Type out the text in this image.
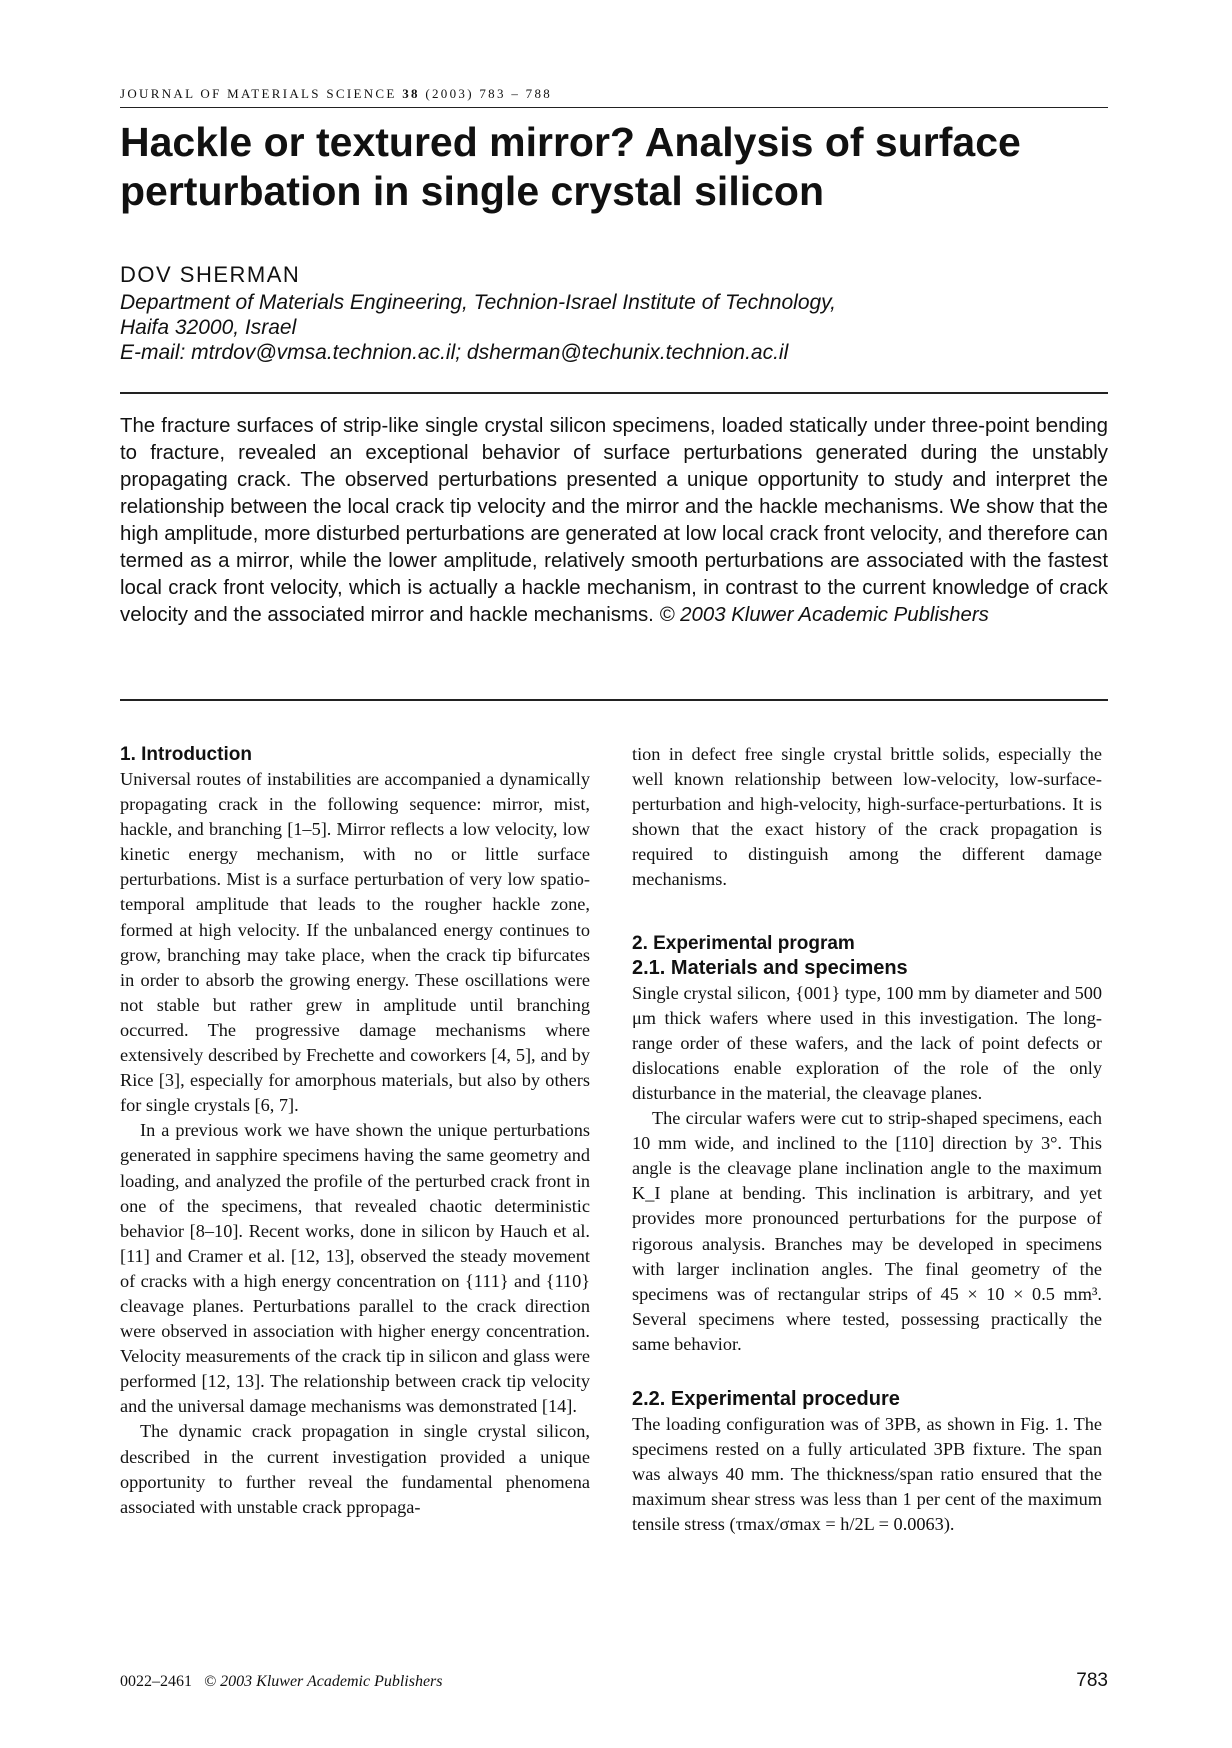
JOURNAL OF MATERIALS SCIENCE 38 (2003) 783 – 788
Hackle or textured mirror? Analysis of surface
perturbation in single crystal silicon
DOV SHERMAN
Department of Materials Engineering, Technion-Israel Institute of Technology,
Haifa 32000, Israel
E-mail: mtrdov@vmsa.technion.ac.il; dsherman@techunix.technion.ac.il

The fracture surfaces of strip-like single crystal silicon specimens, loaded statically under three-point bending to fracture, revealed an exceptional behavior of surface perturbations generated during the unstably propagating crack. The observed perturbations presented a unique opportunity to study and interpret the relationship between the local crack tip velocity and the mirror and the hackle mechanisms. We show that the high amplitude, more disturbed perturbations are generated at low local crack front velocity, and therefore can termed as a mirror, while the lower amplitude, relatively smooth perturbations are associated with the fastest local crack front velocity, which is actually a hackle mechanism, in contrast to the current knowledge of crack velocity and the associated mirror and hackle mechanisms. © 2003 Kluwer Academic Publishers

1. Introduction

Universal routes of instabilities are accompanied a dynamically propagating crack in the following sequence: mirror, mist, hackle, and branching [1–5]. Mirror reflects a low velocity, low kinetic energy mechanism, with no or little surface perturbations. Mist is a surface perturbation of very low spatio-temporal amplitude that leads to the rougher hackle zone, formed at high velocity. If the unbalanced energy continues to grow, branching may take place, when the crack tip bifurcates in order to absorb the growing energy. These oscillations were not stable but rather grew in amplitude until branching occurred. The progressive damage mechanisms where extensively described by Frechette and coworkers [4, 5], and by Rice [3], especially for amorphous materials, but also by others for single crystals [6, 7].

In a previous work we have shown the unique perturbations generated in sapphire specimens having the same geometry and loading, and analyzed the profile of the perturbed crack front in one of the specimens, that revealed chaotic deterministic behavior [8–10]. Recent works, done in silicon by Hauch et al. [11] and Cramer et al. [12, 13], observed the steady movement of cracks with a high energy concentration on {111} and {110} cleavage planes. Perturbations parallel to the crack direction were observed in association with higher energy concentration. Velocity measurements of the crack tip in silicon and glass were performed [12, 13]. The relationship between crack tip velocity and the universal damage mechanisms was demonstrated [14].

The dynamic crack propagation in single crystal silicon, described in the current investigation provided a unique opportunity to further reveal the fundamental phenomena associated with unstable crack ppropaga-

tion in defect free single crystal brittle solids, especially the well known relationship between low-velocity, low-surface-perturbation and high-velocity, high-surface-perturbations. It is shown that the exact history of the crack propagation is required to distinguish among the different damage mechanisms.

2. Experimental program
2.1. Materials and specimens

Single crystal silicon, {001} type, 100 mm by diameter and 500 μm thick wafers where used in this investigation. The long-range order of these wafers, and the lack of point defects or dislocations enable exploration of the role of the only disturbance in the material, the cleavage planes.

The circular wafers were cut to strip-shaped specimens, each 10 mm wide, and inclined to the [110] direction by 3°. This angle is the cleavage plane inclination angle to the maximum K_I plane at bending. This inclination is arbitrary, and yet provides more pronounced perturbations for the purpose of rigorous analysis. Branches may be developed in specimens with larger inclination angles. The final geometry of the specimens was of rectangular strips of 45 × 10 × 0.5 mm³. Several specimens where tested, possessing practically the same behavior.

2.2. Experimental procedure

The loading configuration was of 3PB, as shown in Fig. 1. The specimens rested on a fully articulated 3PB fixture. The span was always 40 mm. The thickness/span ratio ensured that the maximum shear stress was less than 1 per cent of the maximum tensile stress (τmax/σmax = h/2L = 0.0063).

0022–2461 © 2003 Kluwer Academic Publishers	783
